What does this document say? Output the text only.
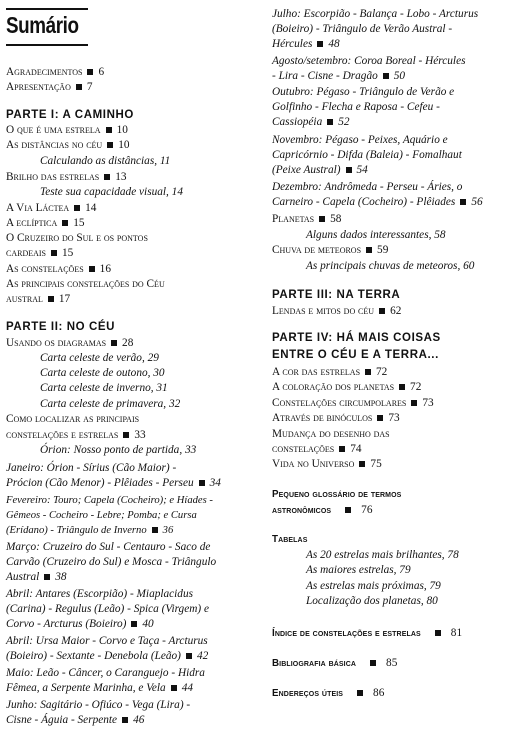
Sumário
Agradecimentos 6
Apresentação 7
PARTE I: A CAMINHO
O que é uma estrela 10
As distâncias no céu 10
Calculando as distâncias, 11
Brilho das estrelas 13
Teste sua capacidade visual, 14
A Via Láctea 14
A eclíptica 15
O Cruzeiro do Sul e os pontos
cardeais 15
As constelações 16
As principais constelações do Céu
austral 17
PARTE II: NO CÉU
Usando os diagramas 28
Carta celeste de verão, 29
Carta celeste de outono, 30
Carta celeste de inverno, 31
Carta celeste de primavera, 32
Como localizar as principais
constelações e estrelas 33
Órion: Nosso ponto de partida, 33
Janeiro: Órion - Sírius (Cão Maior) -
Prócion (Cão Menor) - Plêiades - Perseu 34
Fevereiro: Touro; Capela (Cocheiro); e Híades -
Gêmeos - Cocheiro - Lebre; Pomba; e Cursa
(Erídano) - Triângulo de Inverno 36
Março: Cruzeiro do Sul - Centauro - Saco de
Carvão (Cruzeiro do Sul) e Mosca - Triângulo
Austral 38
Abril: Antares (Escorpião) - Miaplacidus
(Carina) - Regulus (Leão) - Spica (Virgem) e
Corvo - Arcturus (Boieiro) 40
Abril: Ursa Maior - Corvo e Taça - Arcturus
(Boieiro) - Sextante - Denebola (Leão) 42
Maio: Leão - Câncer, o Caranguejo - Hidra
Fêmea, a Serpente Marinha, e Vela 44
Junho: Sagitário - Ofiúco - Vega (Lira) -
Cisne - Águia - Serpente 46
Julho: Escorpião - Balança - Lobo - Arcturus
(Boieiro) - Triângulo de Verão Austral -
Hércules 48
Agosto/setembro: Coroa Boreal - Hércules
- Lira - Cisne - Dragão 50
Outubro: Pégaso - Triângulo de Verão e
Golfinho - Flecha e Raposa - Cefeu -
Cassiopéia 52
Novembro: Pégaso - Peixes, Aquário e
Capricórnio - Difda (Baleia) - Fomalhaut
(Peixe Austral) 54
Dezembro: Andrômeda - Perseu - Áries, o
Carneiro - Capela (Cocheiro) - Plêiades 56
Planetas 58
Alguns dados interessantes, 58
Chuva de meteoros 59
As principais chuvas de meteoros, 60
PARTE III: NA TERRA
Lendas e mitos do céu 62
PARTE IV: HÁ MAIS COISAS
ENTRE O CÉU E A TERRA...
A cor das estrelas 72
A coloração dos planetas 72
Constelações circumpolares 73
Através de binóculos 73
Mudança do desenho das
constelações 74
Vida no Universo 75
Pequeno glossário de termos
astronômicos	76
Tabelas
As 20 estrelas mais brilhantes, 78
As maiores estrelas, 79
As estrelas mais próximas, 79
Localização dos planetas, 80
Índice de constelações e estrelas	81
Bibliografia básica	85
Endereços úteis	86
